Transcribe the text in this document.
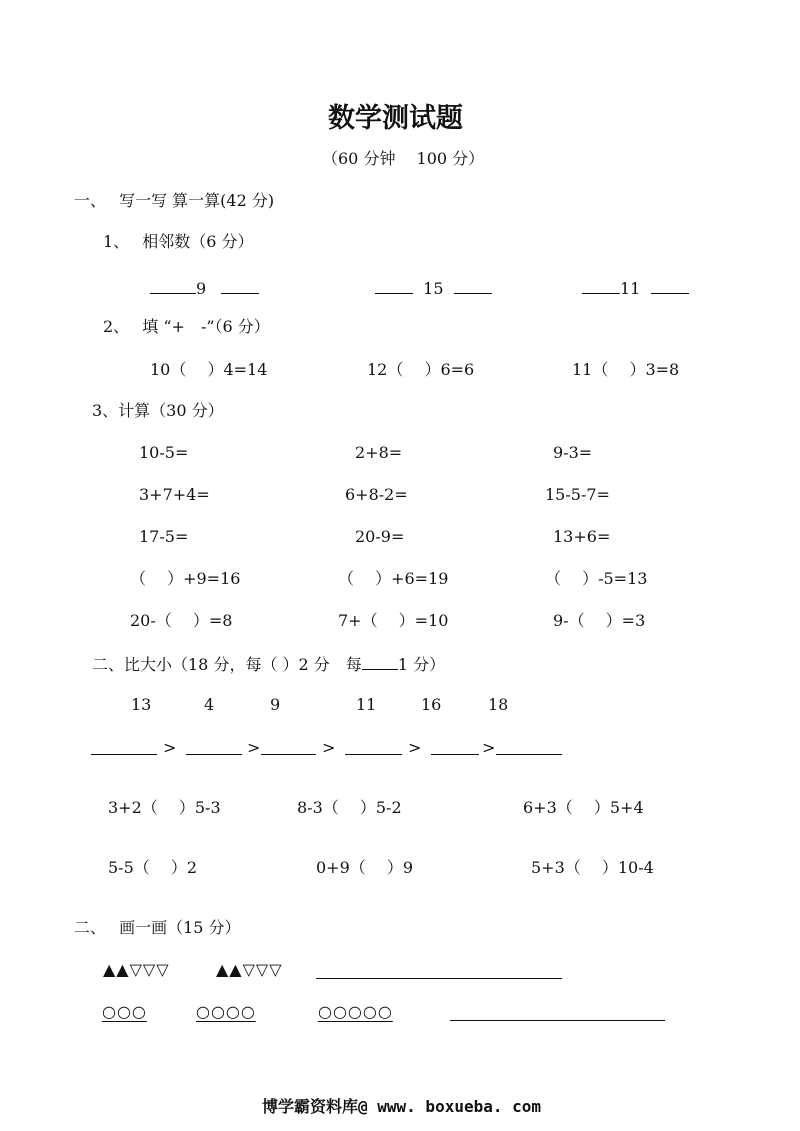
数学测试题
（60 分钟　 100 分）
一、　 写一写 算一算(42 分)
1、　 相邻数（6 分）
9	15	11
2、　 填 “+　-”（6 分）
10（　 ）4=14	12（　 ）6=6	11（　 ）3=8
3、计算（30 分）
10-5=	2+8=	9-3=
3+7+4=	6+8-2=	15-5-7=
17-5=	20-9=	13+6=
（　 ）+9=16	（　 ）+6=19	（　 ）-5=13
20-（　 ）=8	7+（　 ）=10	9-（　 ）=3
二、比大小（18 分，每（ ）2 分　每 1 分）
13	4	9	11	16	18
>	>	>	>	>
3+2（　 ）5-3	8-3（　 ）5-2	6+3（　 ）5+4
5-5（　 ）2	0+9（　 ）9	5+3（　 ）10-4
二、　 画一画（15 分）
▲▲▽▽▽	▲▲▽▽▽
○○○	○○○○	○○○○○
博学霸资料库@ www. boxueba. com
